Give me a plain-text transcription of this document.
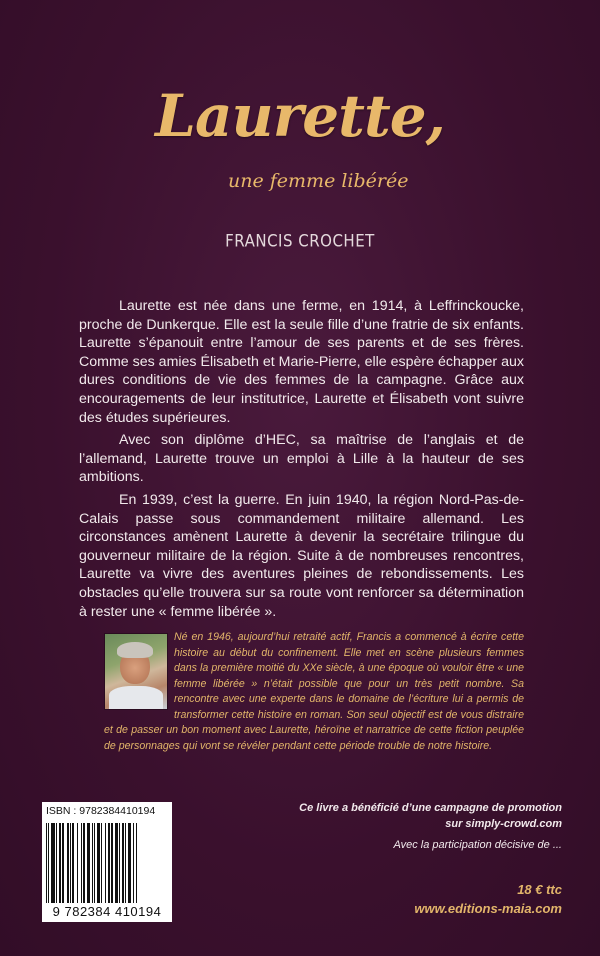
Laurette,
une femme libérée
FRANCIS CROCHET

Laurette est née dans une ferme, en 1914, à Leffrinckoucke, proche de Dunkerque. Elle est la seule fille d’une fratrie de six enfants. Laurette s’épanouit entre l’amour de ses parents et de ses frères. Comme ses amies Élisabeth et Marie-Pierre, elle espère échapper aux dures conditions de vie des femmes de la campagne. Grâce aux encouragements de leur institutrice, Laurette et Élisabeth vont suivre des études supérieures.

Avec son diplôme d’HEC, sa maîtrise de l’anglais et de l’allemand, Laurette trouve un emploi à Lille à la hauteur de ses ambitions.

En 1939, c’est la guerre. En juin 1940, la région Nord-Pas-de-Calais passe sous commandement militaire allemand. Les circonstances amènent Laurette à devenir la secrétaire trilingue du gouverneur militaire de la région. Suite à de nombreuses rencontres, Laurette va vivre des aventures pleines de rebondissements. Les obstacles qu’elle trouvera sur sa route vont renforcer sa détermination à rester une « femme libérée ».

Né en 1946, aujourd’hui retraité actif, Francis a commencé à écrire cette histoire au début du confinement. Elle met en scène plusieurs femmes dans la première moitié du XXe siècle, à une époque où vouloir être « une femme libérée » n’était possible que pour un très petit nombre. Sa rencontre avec une experte dans le domaine de l’écriture lui a permis de transformer cette histoire en roman. Son seul objectif est de vous distraire et de passer un bon moment avec Laurette, héroïne et narratrice de cette fiction peuplée de personnages qui vont se révéler pendant cette période trouble de notre histoire.
ISBN : 9782384410194
9 782384 410194
Ce livre a bénéficié d’une campagne de promotion
sur simply-crowd.com
Avec la participation décisive de ...
18 € ttc
www.editions-maia.com
